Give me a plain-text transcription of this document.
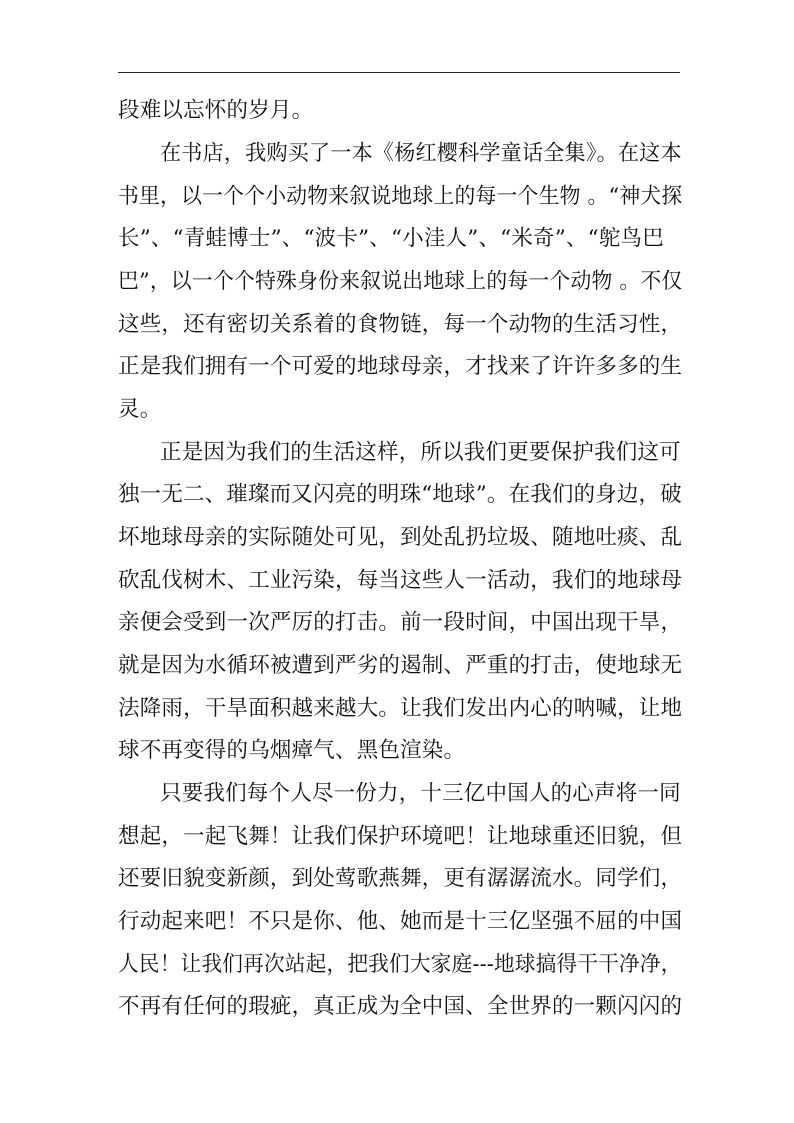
段难以忘怀的岁月。
在书店，我购买了一本《杨红樱科学童话全集》。在这本
书里，以一个个小动物来叙说地球上的每一个生物 。“神犬探
长”、“青蛙博士”、“波卡”、“小洼人”、“米奇”、“鸵鸟巴
巴”，以一个个特殊身份来叙说出地球上的每一个动物 。不仅
这些，还有密切关系着的食物链，每一个动物的生活习性，
正是我们拥有一个可爱的地球母亲，才找来了许许多多的生
灵。
正是因为我们的生活这样，所以我们更要保护我们这可
独一无二、璀璨而又闪亮的明珠“地球”。在我们的身边，破
坏地球母亲的实际随处可见，到处乱扔垃圾、随地吐痰、乱
砍乱伐树木、工业污染，每当这些人一活动，我们的地球母
亲便会受到一次严厉的打击。前一段时间，中国出现干旱，
就是因为水循环被遭到严劣的遏制、严重的打击，使地球无
法降雨，干旱面积越来越大。让我们发出内心的呐喊，让地
球不再变得的乌烟瘴气、黑色渲染。
只要我们每个人尽一份力，十三亿中国人的心声将一同
想起，一起飞舞！让我们保护环境吧！让地球重还旧貌，但
还要旧貌变新颜，到处莺歌燕舞，更有潺潺流水。同学们，
行动起来吧！不只是你、他、她而是十三亿坚强不屈的中国
人民！让我们再次站起，把我们大家庭---地球搞得干干净净，
不再有任何的瑕疵，真正成为全中国、全世界的一颗闪闪的
